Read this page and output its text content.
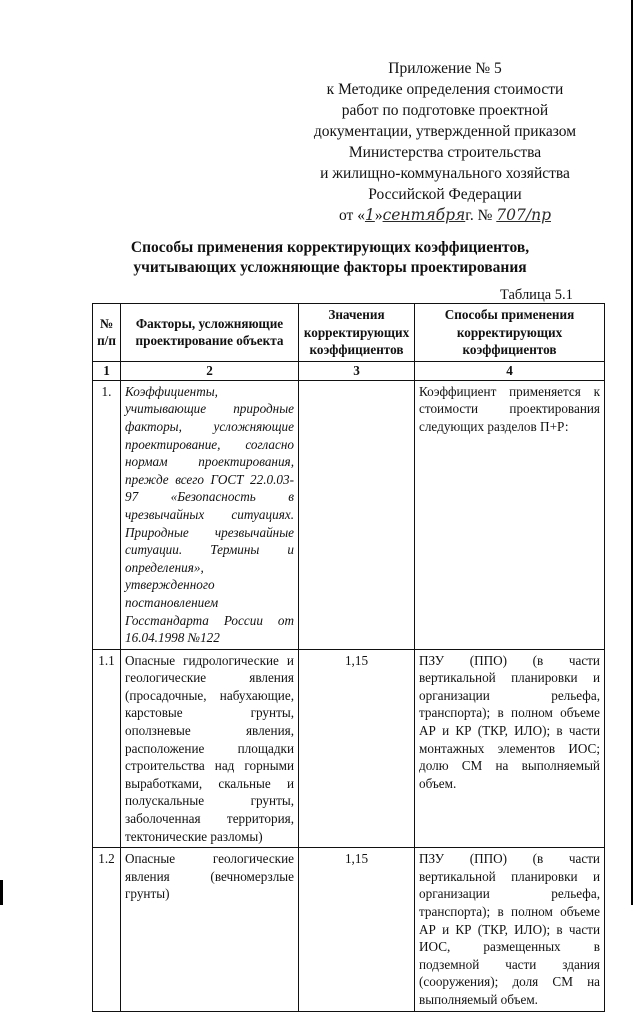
Приложение № 5
к Методике определения стоимости
работ по подготовке проектной
документации, утвержденной приказом
Министерства строительства
и жилищно-коммунального хозяйства
Российской Федерации
от «1»сентябряг. № 707/пр
Способы применения корректирующих коэффициентов,
учитывающих усложняющие факторы проектирования
Таблица 5.1
№ п/п	Факторы, усложняющие проектирование объекта	Значения корректирующих коэффициентов	Способы применения корректирующих коэффициентов
1	2	3	4
1.	Коэффициенты, учитывающие природные факторы, усложняющие проектирование, согласно нормам проектирования, прежде всего ГОСТ 22.0.03-97 «Безопасность в чрезвычайных ситуациях. Природные чрезвычайные ситуации. Термины и определения», утвержденного постановлением Госстандарта России от 16.04.1998 №122		Коэффициент применяется к стоимости проектирования следующих разделов П+Р:
1.1	Опасные гидрологические и геологические явления (просадочные, набухающие, карстовые грунты, оползневые явления, расположение площадки строительства над горными выработками, скальные и полускальные грунты, заболоченная территория, тектонические разломы)	1,15	ПЗУ (ППО) (в части вертикальной планировки и организации рельефа, транспорта); в полном объеме АР и КР (ТКР, ИЛО); в части монтажных элементов ИОС; долю СМ на выполняемый объем.
1.2	Опасные геологические явления (вечномерзлые грунты)	1,15	ПЗУ (ППО) (в части вертикальной планировки и организации рельефа, транспорта); в полном объеме АР и КР (ТКР, ИЛО); в части ИОС, размещенных в подземной части здания (сооружения); доля СМ на выполняемый объем.
